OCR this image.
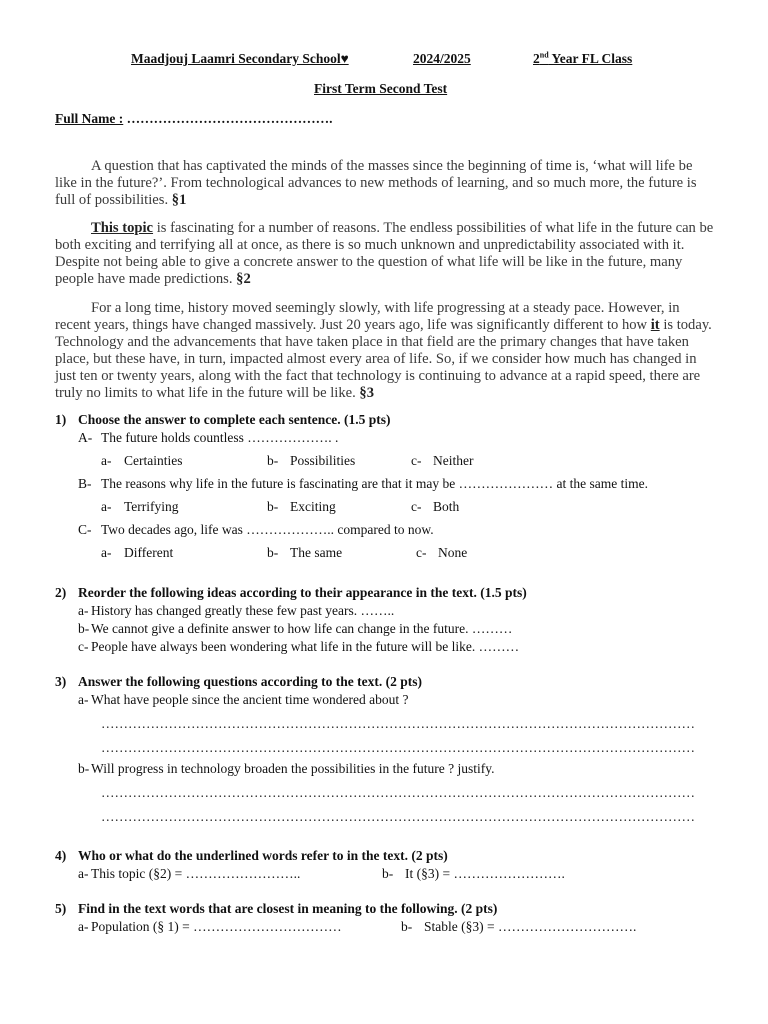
Maadjouj Laamri Secondary School♥	2024/2025	2nd Year FL Class
First Term Second Test
Full Name : ……………………………………….

A question that has captivated the minds of the masses since the beginning of time is, ‘what will life be like in the future?’. From technological advances to new methods of learning, and so much more, the future is full of possibilities. §1

This topic is fascinating for a number of reasons. The endless possibilities of what life in the future can be both exciting and terrifying all at once, as there is so much unknown and unpredictability associated with it. Despite not being able to give a concrete answer to the question of what life will be like in the future, many people have made predictions. §2

For a long time, history moved seemingly slowly, with life progressing at a steady pace. However, in recent years, things have changed massively. Just 20 years ago, life was significantly different to how it is today. Technology and the advancements that have taken place in that field are the primary changes that have taken place, but these have, in turn, impacted almost every area of life. So, if we consider how much has changed in just ten or twenty years, along with the fact that technology is continuing to advance at a rapid speed, there are truly no limits to what life in the future will be like. §3

1) Choose the answer to complete each sentence. (1.5 pts)
A- The future holds countless ………………. .
a- Certainties	b- Possibilities	c- Neither
B- The reasons why life in the future is fascinating are that it may be ………………… at the same time.
a- Terrifying	b- Exciting	c- Both
C- Two decades ago, life was ……………….. compared to now.
a- Different	b- The same	c- None
2) Reorder the following ideas according to their appearance in the text. (1.5 pts)
a- History has changed greatly these few past years. ……..
b- We cannot give a definite answer to how life can change in the future. ………
c- People have always been wondering what life in the future will be like. ………
3) Answer the following questions according to the text. (2 pts)
a- What have people since the ancient time wondered about ?
……………………………………………………………………………………………………………………
……………………………………………………………………………………………………………………
b- Will progress in technology broaden the possibilities in the future ? justify.
……………………………………………………………………………………………………………………
……………………………………………………………………………………………………………………
4) Who or what do the underlined words refer to in the text. (2 pts)
a- This topic (§2) = ……………………..	b- It (§3) = …………………….
5) Find in the text words that are closest in meaning to the following. (2 pts)
a- Population (§ 1) = ……………………………	b- Stable (§3) = ………………………….
